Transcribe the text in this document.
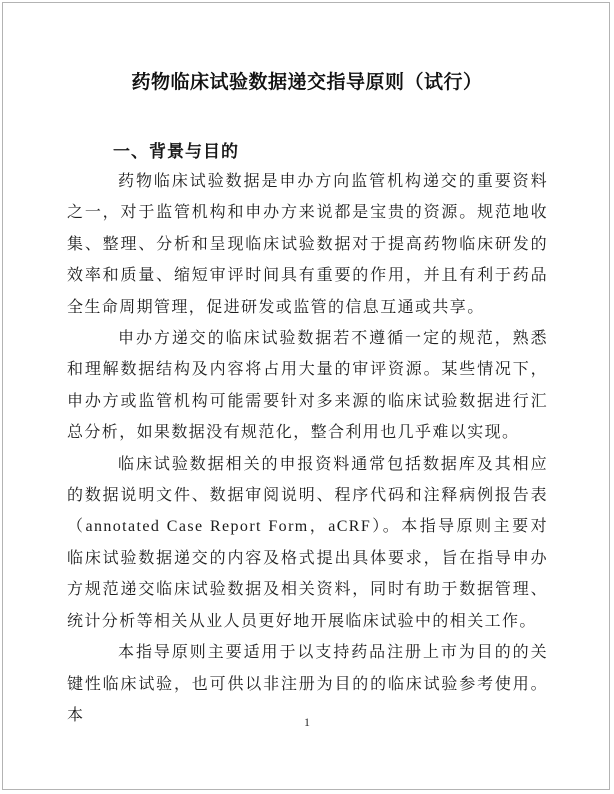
药物临床试验数据递交指导原则（试行）
一、背景与目的

药物临床试验数据是申办方向监管机构递交的重要资料之一，对于监管机构和申办方来说都是宝贵的资源。规范地收集、整理、分析和呈现临床试验数据对于提高药物临床研发的效率和质量、缩短审评时间具有重要的作用，并且有利于药品全生命周期管理，促进研发或监管的信息互通或共享。

申办方递交的临床试验数据若不遵循一定的规范，熟悉和理解数据结构及内容将占用大量的审评资源。某些情况下，申办方或监管机构可能需要针对多来源的临床试验数据进行汇总分析，如果数据没有规范化，整合利用也几乎难以实现。

临床试验数据相关的申报资料通常包括数据库及其相应的数据说明文件、数据审阅说明、程序代码和注释病例报告表（annotated Case Report Form，aCRF）。本指导原则主要对临床试验数据递交的内容及格式提出具体要求，旨在指导申办方规范递交临床试验数据及相关资料，同时有助于数据管理、统计分析等相关从业人员更好地开展临床试验中的相关工作。

本指导原则主要适用于以支持药品注册上市为目的的关键性临床试验，也可供以非注册为目的的临床试验参考使用。本	1
